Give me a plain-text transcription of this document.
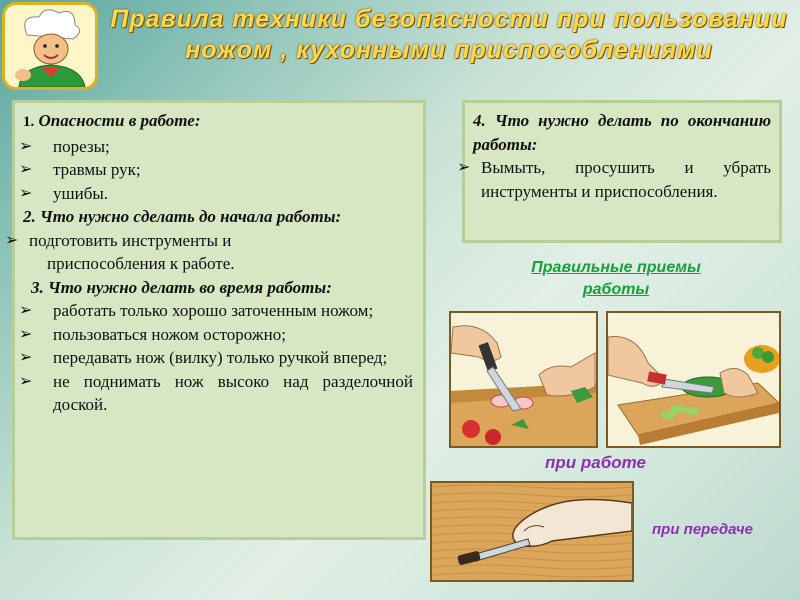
Правила техники безопасности при пользовании
ножом , кухонными приспособлениями
1. Опасности в работе:
➢ порезы;
➢ травмы рук;
➢ ушибы.
2. Что нужно сделать до начала работы:
➢ подготовить инструменты и
приспособления к работе.
3. Что нужно делать во время работы:
➢ работать только хорошо заточенным ножом;
➢ пользоваться ножом осторожно;
➢ передавать нож (вилку) только ручкой вперед;
➢ не поднимать нож высоко над разделочной доской.
4. Что нужно делать по окончанию работы:
➢ Вымыть, просушить и убрать инструменты и приспособления.
Правильные приемы
работы
при работе
при передаче
